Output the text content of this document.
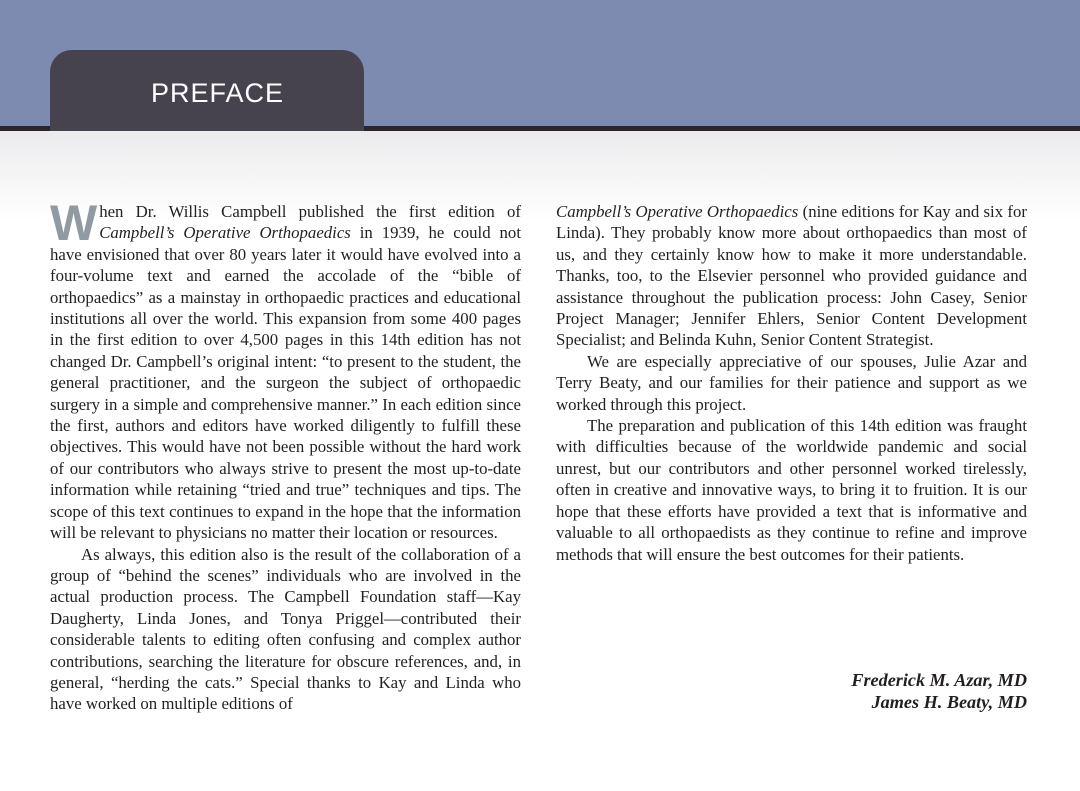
PREFACE

When Dr. Willis Campbell published the first edition of Campbell’s Operative Orthopaedics in 1939, he could not have envisioned that over 80 years later it would have evolved into a four-volume text and earned the accolade of the “bible of orthopaedics” as a mainstay in orthopaedic practices and educational institutions all over the world. This expansion from some 400 pages in the first edition to over 4,500 pages in this 14th edition has not changed Dr. Campbell’s original intent: “to present to the student, the general practitioner, and the surgeon the subject of orthopaedic surgery in a simple and comprehensive manner.” In each edition since the first, authors and editors have worked diligently to fulfill these objectives. This would have not been possible without the hard work of our contributors who always strive to present the most up-to-date information while retaining “tried and true” techniques and tips. The scope of this text continues to expand in the hope that the information will be relevant to physicians no matter their location or resources.

As always, this edition also is the result of the collaboration of a group of “behind the scenes” individuals who are involved in the actual production process. The Campbell Foundation staff—Kay Daugherty, Linda Jones, and Tonya Priggel—contributed their considerable talents to editing often confusing and complex author contributions, searching the literature for obscure references, and, in general, “herding the cats.” Special thanks to Kay and Linda who have worked on multiple editions of

Campbell’s Operative Orthopaedics (nine editions for Kay and six for Linda). They probably know more about orthopaedics than most of us, and they certainly know how to make it more understandable. Thanks, too, to the Elsevier personnel who provided guidance and assistance throughout the publication process: John Casey, Senior Project Manager; Jennifer Ehlers, Senior Content Development Specialist; and Belinda Kuhn, Senior Content Strategist.

We are especially appreciative of our spouses, Julie Azar and Terry Beaty, and our families for their patience and support as we worked through this project.

The preparation and publication of this 14th edition was fraught with difficulties because of the worldwide pandemic and social unrest, but our contributors and other personnel worked tirelessly, often in creative and innovative ways, to bring it to fruition. It is our hope that these efforts have provided a text that is informative and valuable to all orthopaedists as they continue to refine and improve methods that will ensure the best outcomes for their patients.

Frederick M. Azar, MD
James H. Beaty, MD
